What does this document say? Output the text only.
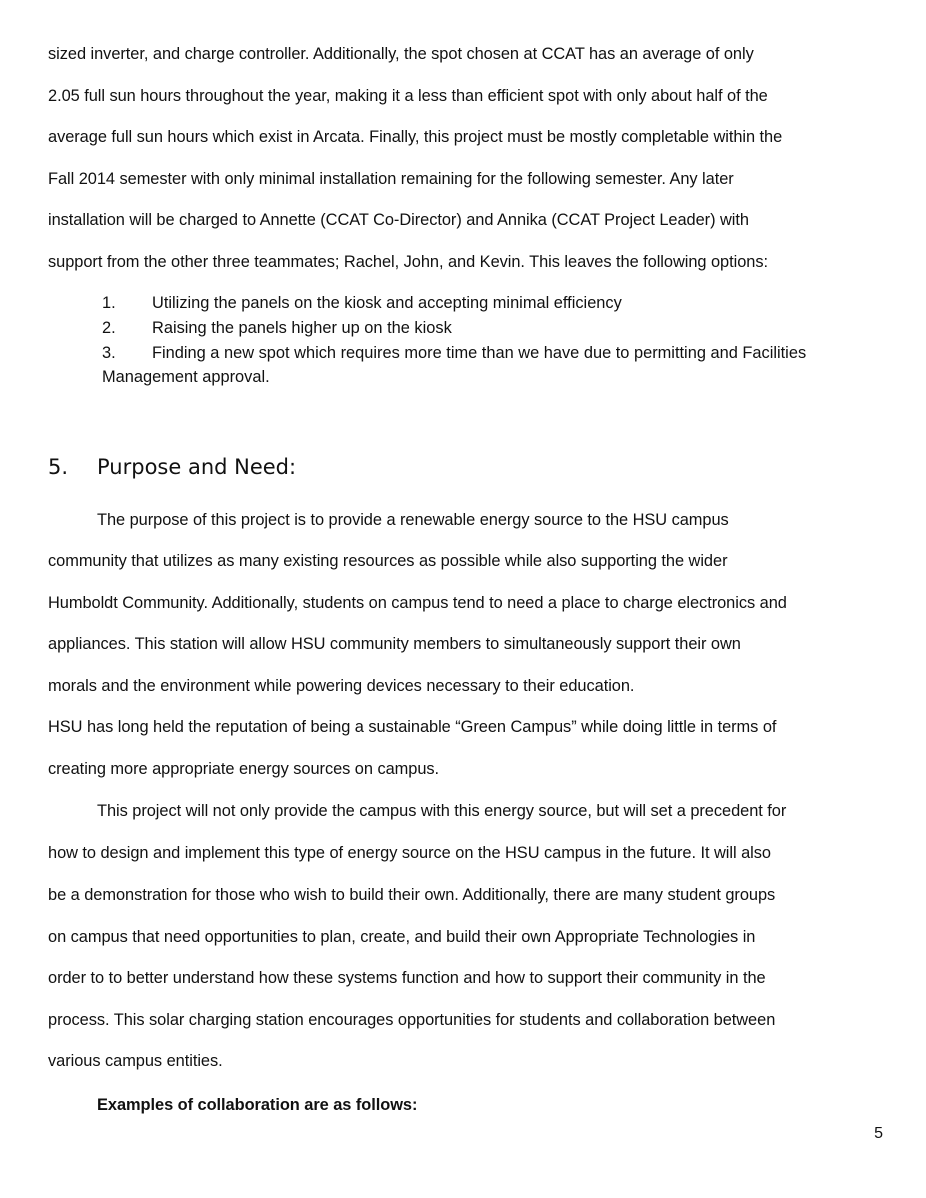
sized inverter, and charge controller. Additionally, the spot chosen at CCAT has an average of only
2.05 full sun hours throughout the year, making it a less than efficient spot with only about half of the
average full sun hours which exist in Arcata. Finally, this project must be mostly completable within the
Fall 2014 semester with only minimal installation remaining for the following semester. Any later
installation will be charged to Annette (CCAT Co-Director) and Annika (CCAT Project Leader) with
support from the other three teammates; Rachel, John, and Kevin. This leaves the following options:
1. Utilizing the panels on the kiosk and accepting minimal efficiency
2. Raising the panels higher up on the kiosk
3. Finding a new spot which requires more time than we have due to permitting and Facilities
Management approval.
5. Purpose and Need:
The purpose of this project is to provide a renewable energy source to the HSU campus
community that utilizes as many existing resources as possible while also supporting the wider
Humboldt Community. Additionally, students on campus tend to need a place to charge electronics and
appliances. This station will allow HSU community members to simultaneously support their own
morals and the environment while powering devices necessary to their education.
HSU has long held the reputation of being a sustainable “Green Campus” while doing little in terms of
creating more appropriate energy sources on campus.
This project will not only provide the campus with this energy source, but will set a precedent for
how to design and implement this type of energy source on the HSU campus in the future. It will also
be a demonstration for those who wish to build their own. Additionally, there are many student groups
on campus that need opportunities to plan, create, and build their own Appropriate Technologies in
order to to better understand how these systems function and how to support their community in the
process. This solar charging station encourages opportunities for students and collaboration between
various campus entities.
Examples of collaboration are as follows:
5
